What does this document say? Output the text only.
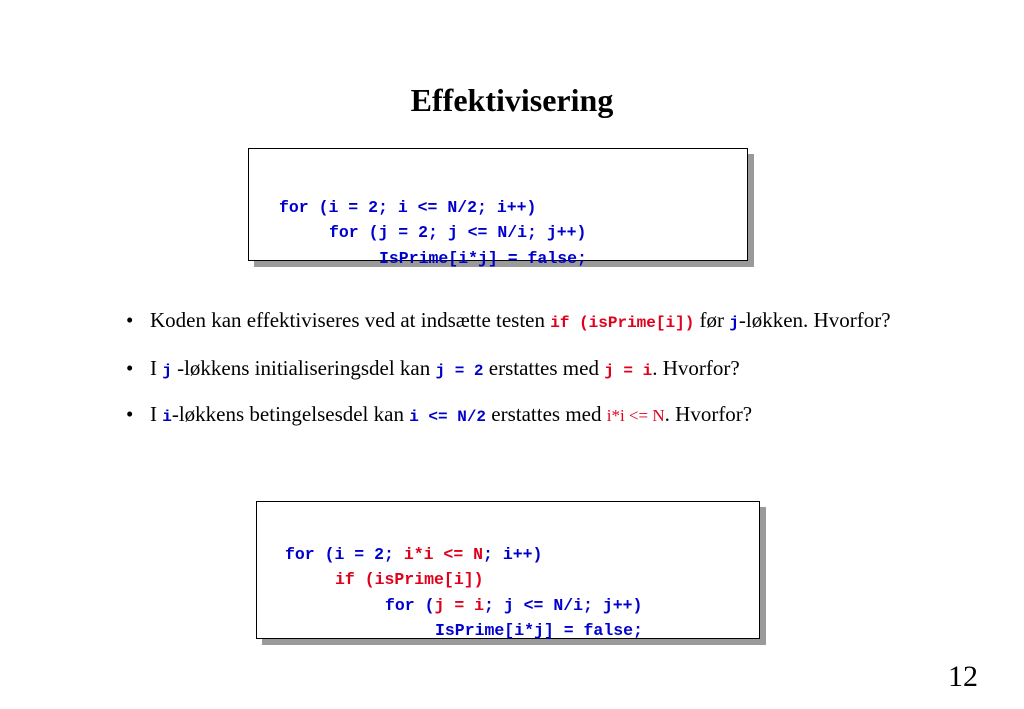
Effektivisering

for (i = 2; i <= N/2; i++)
for (j = 2; j <= N/i; j++)
IsPrime[i*j] = false;
• Koden kan effektiviseres ved at indsætte testen if (isPrime[i]) før j-løkken. Hvorfor?
• I j -løkkens initialiseringsdel kan j = 2 erstattes med j = i. Hvorfor?
• I i-løkkens betingelsesdel kan i <= N/2 erstattes med i*i <= N. Hvorfor?

for (i = 2; i*i <= N; i++)
if (isPrime[i])
for (j = i; j <= N/i; j++)
IsPrime[i*j] = false;
12
